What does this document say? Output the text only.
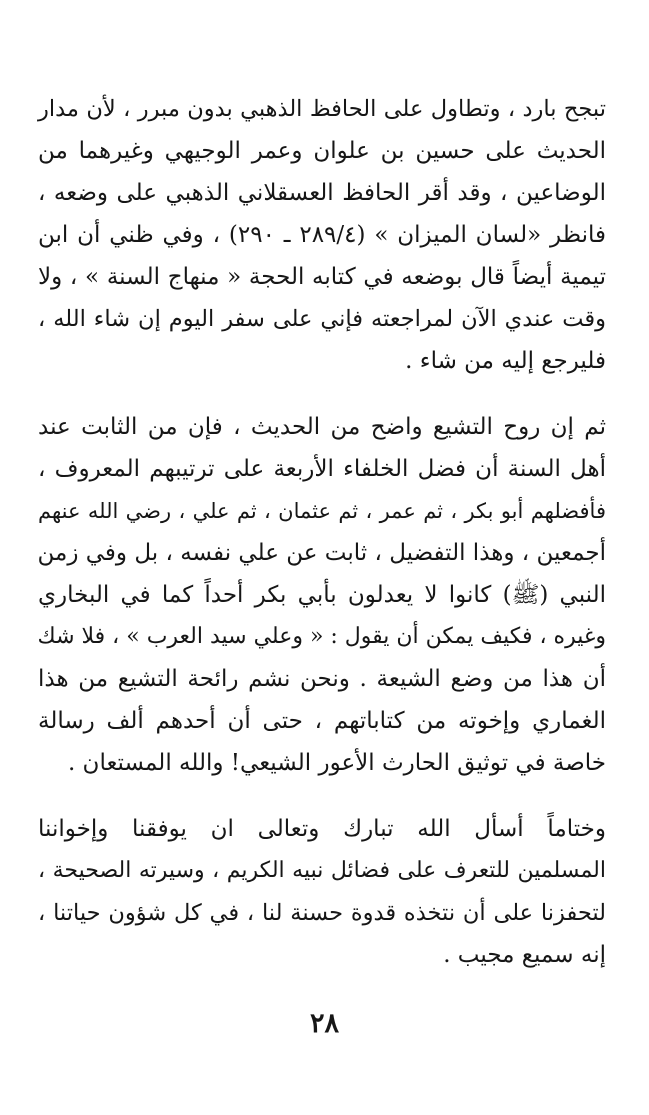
تبجح بارد ، وتطاول على الحافظ الذهبي بدون مبرر ، لأن مدار
الحديث على حسين بن علوان وعمر الوجيهي وغيرهما من
الوضاعين ، وقد أقر الحافظ العسقلاني الذهبي على وضعه ،
فانظر «لسان الميزان » (٢٨٩/٤ ـ ٢٩٠) ، وفي ظني أن ابن
تيمية أيضاً قال بوضعه في كتابه الحجة « منهاج السنة » ، ولا
وقت عندي الآن لمراجعته فإني على سفر اليوم إن شاء الله ،
فليرجع إليه من شاء .
ثم إن روح التشيع واضح من الحديث ، فإن من الثابت عند
أهل السنة أن فضل الخلفاء الأربعة على ترتيبهم المعروف ،
فأفضلهم أبو بكر ، ثم عمر ، ثم عثمان ، ثم علي ، رضي الله عنهم
أجمعين ، وهذا التفضيل ، ثابت عن علي نفسه ، بل وفي زمن
النبي (ﷺ) كانوا لا يعدلون بأبي بكر أحداً كما في البخاري
وغيره ، فكيف يمكن أن يقول : « وعلي سيد العرب » ، فلا شك
أن هذا من وضع الشيعة . ونحن نشم رائحة التشيع من هذا
الغماري وإخوته من كتاباتهم ، حتى أن أحدهم ألف رسالة
خاصة في توثيق الحارث الأعور الشيعي! والله المستعان .
وختاماً أسأل الله تبارك وتعالى ان يوفقنا وإخواننا
المسلمين للتعرف على فضائل نبيه الكريم ، وسيرته الصحيحة ،
لتحفزنا على أن نتخذه قدوة حسنة لنا ، في كل شؤون حياتنا ،
إنه سميع مجيب .
٢٨
